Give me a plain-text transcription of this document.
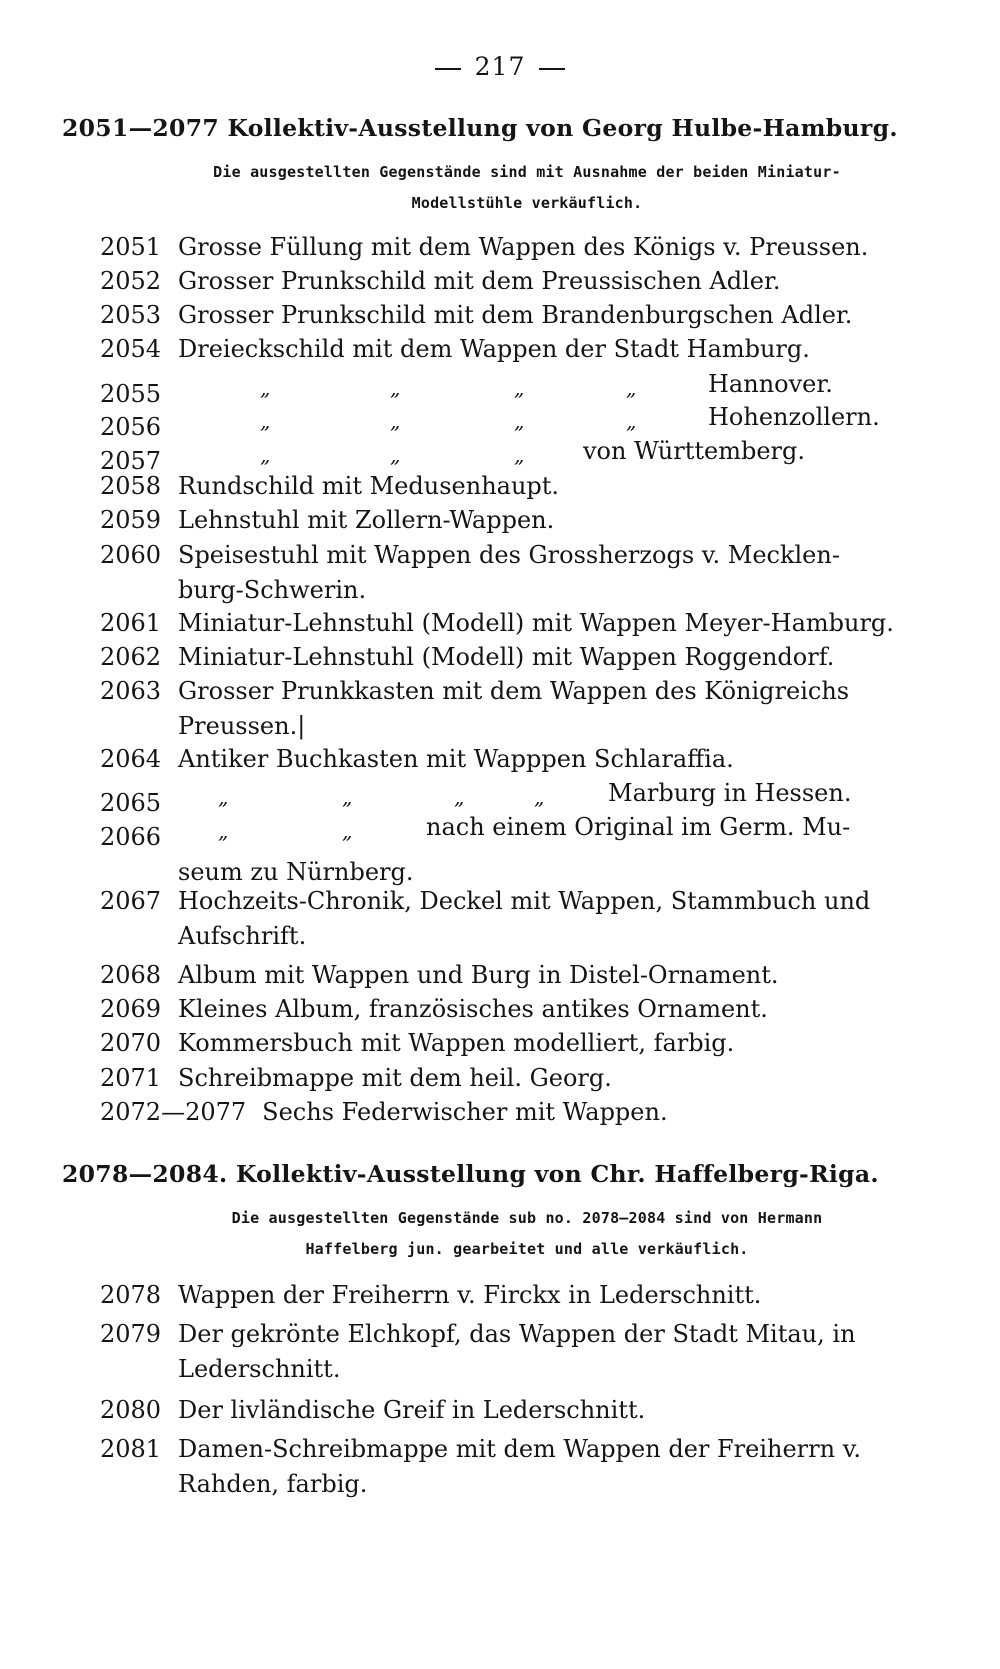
217
2051—2077 Kollektiv-Ausstellung von Georg Hulbe-Hamburg.
Die ausgestellten Gegenstände sind mit Ausnahme der beiden Miniatur-
Modellstühle verkäuflich.
2051 Grosse Füllung mit dem Wappen des Königs v. Preussen.
2052 Grosser Prunkschild mit dem Preussischen Adler.
2053 Grosser Prunkschild mit dem Brandenburgschen Adler.
2054 Dreieckschild mit dem Wappen der Stadt Hamburg.
2055	„	„	„	„	Hannover.
2056	„	„	„	„	Hohenzollern.
2057	„	„	„ von Württemberg.
2058 Rundschild mit Medusenhaupt.
2059 Lehnstuhl mit Zollern-Wappen.
2060 Speisestuhl mit Wappen des Grossherzogs v. Mecklen-
burg-Schwerin.
2061 Miniatur-Lehnstuhl (Modell) mit Wappen Meyer-Hamburg.
2062 Miniatur-Lehnstuhl (Modell) mit Wappen Roggendorf.
2063 Grosser Prunkkasten mit dem Wappen des Königreichs
Preussen.|
2064 Antiker Buchkasten mit Wapppen Schlaraffia.
2065	„	„	„	„	Marburg in Hessen.
2066	„	„	nach einem Original im Germ. Mu-
seum zu Nürnberg.
2067 Hochzeits-Chronik, Deckel mit Wappen, Stammbuch und
Aufschrift.
2068 Album mit Wappen und Burg in Distel-Ornament.
2069 Kleines Album, französisches antikes Ornament.
2070 Kommersbuch mit Wappen modelliert, farbig.
2071 Schreibmappe mit dem heil. Georg.
2072—2077 Sechs Federwischer mit Wappen.
2078—2084. Kollektiv-Ausstellung von Chr. Haffelberg-Riga.
Die ausgestellten Gegenstände sub no. 2078—2084 sind von Hermann
Haffelberg jun. gearbeitet und alle verkäuflich.
2078 Wappen der Freiherrn v. Firckx in Lederschnitt.
2079 Der gekrönte Elchkopf, das Wappen der Stadt Mitau, in
Lederschnitt.
2080 Der livländische Greif in Lederschnitt.
2081 Damen-Schreibmappe mit dem Wappen der Freiherrn v.
Rahden, farbig.
